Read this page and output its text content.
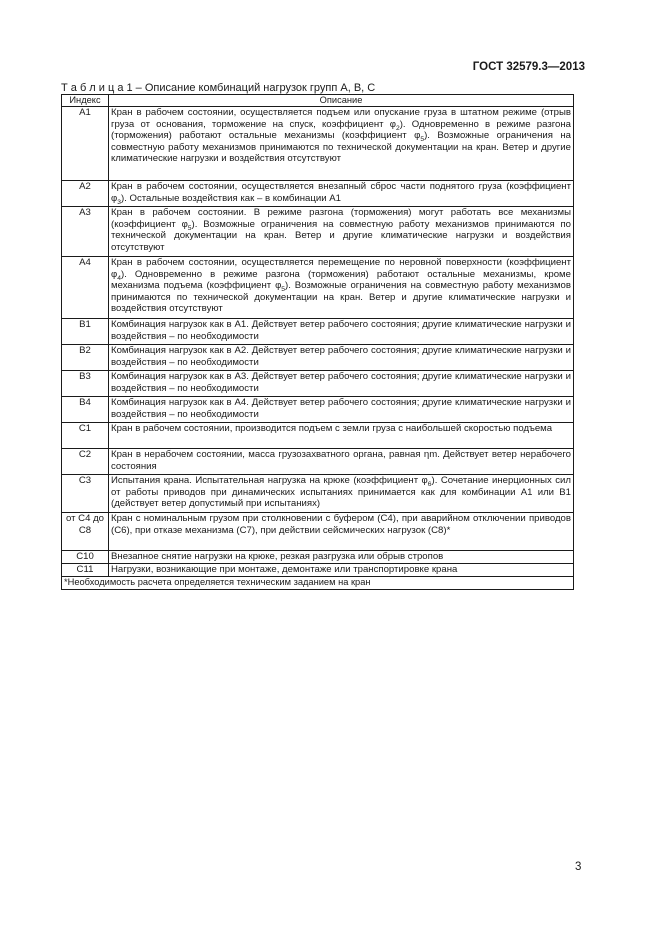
ГОСТ 32579.3—2013
Т а б л и ц а 1 – Описание комбинаций нагрузок групп А, В, С
Индекс	Описание
А1	Кран в рабочем состоянии, осуществляется подъем или опускание груза в штатном режиме (отрыв груза от основания, торможение на спуск, коэффициент $\varphi_2$). Одновременно в режиме разгона (торможения) работают остальные механизмы (коэффициент $\varphi_5$). Возможные ограничения на совместную работу механизмов принимаются по технической документации на кран. Ветер и другие климатические нагрузки и воздействия отсутствуют
А2	Кран в рабочем состоянии, осуществляется внезапный сброс части поднятого груза (коэффициент $\varphi_3$). Остальные воздействия как – в комбинации А1
А3	Кран в рабочем состоянии. В режиме разгона (торможения) могут работать все механизмы (коэффициент $\varphi_5$). Возможные ограничения на совместную работу механизмов принимаются по технической документации на кран. Ветер и другие климатические нагрузки и воздействия отсутствуют
А4	Кран в рабочем состоянии, осуществляется перемещение по неровной поверхности (коэффициент $\varphi_4$). Одновременно в режиме разгона (торможения) работают остальные механизмы, кроме механизма подъема (коэффициент $\varphi_5$). Возможные ограничения на совместную работу механизмов принимаются по технической документации на кран. Ветер и другие климатические нагрузки и воздействия отсутствуют
В1	Комбинация нагрузок как в А1. Действует ветер рабочего состояния; другие климатические нагрузки и воздействия – по необходимости
В2	Комбинация нагрузок как в А2. Действует ветер рабочего состояния; другие климатические нагрузки и воздействия – по необходимости
В3	Комбинация нагрузок как в А3. Действует ветер рабочего состояния; другие климатические нагрузки и воздействия – по необходимости
В4	Комбинация нагрузок как в А4. Действует ветер рабочего состояния; другие климатические нагрузки и воздействия – по необходимости
С1	Кран в рабочем состоянии, производится подъем с земли груза с наибольшей скоростью подъема
С2	Кран в нерабочем состоянии, масса грузозахватного органа, равная ηm. Действует ветер нерабочего состояния
С3	Испытания крана. Испытательная нагрузка на крюке (коэффициент $\varphi_6$). Сочетание инерционных сил от работы приводов при динамических испытаниях принимается как для комбинации А1 или В1 (действует ветер допустимый при испытаниях)
от С4 до С8	Кран с номинальным грузом при столкновении с буфером (С4), при аварийном отключении приводов (С6), при отказе механизма (С7), при действии сейсмических нагрузок (С8)*
С10	Внезапное снятие нагрузки на крюке, резкая разгрузка или обрыв стропов
С11	Нагрузки, возникающие при монтаже, демонтаже или транспортировке крана
*Необходимость расчета определяется техническим заданием на кран	
3
